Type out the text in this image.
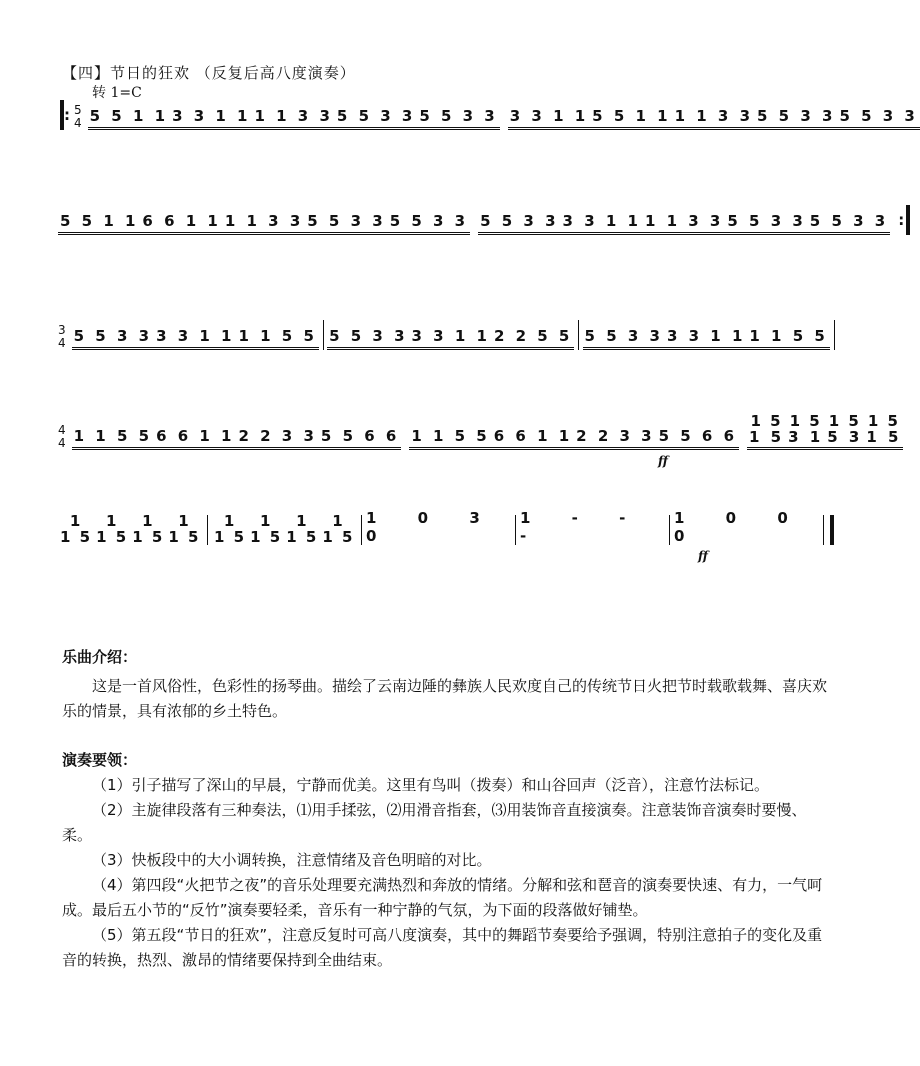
【四】节日的狂欢 （反复后高八度演奏）
转 1=C
: 5
4 5 5 1 1 3 3 1 1 1 1 3 3 5 5 3 3 5 5 3 3 3 3 1 1 5 5 1 1 1 1 3 3 5 5 3 3 5 5 3 3
5 5 1 1 6 6 1 1 1 1 3 3 5 5 3 3 5 5 3 3 5 5 3 3 3 3 1 1 1 1 3 3 5 5 3 3 5 5 3 3 :
3
4 5 5 3 3 3 3 1 1 1 1 5 5 5 5 3 3 3 3 1 1 2 2 5 5 5 5 3 3 3 3 1 1 1 1 5 5
4
4 1 1 5 5 6 6 1 1 2 2 3 3 5 5 6 6 1 1 5 5 6 6 1 1 2 2 3 3 5 5 6 6
1 5
1 5
1 5
3 1
1 5
5 3
1 5
1 5
ff
1
1 5
1
1 5
1
1 5
1
1 5
1
1 5
1
1 5
1
1 5
1
1 5
1 0 3 0
1 - - -
1 0 0 0
ff
乐曲介绍：

这是一首风俗性，色彩性的扬琴曲。描绘了云南边陲的彝族人民欢度自己的传统节日火把节时载歌载舞、喜庆欢乐的情景，具有浓郁的乡土特色。

演奏要领：

（1）引子描写了深山的早晨，宁静而优美。这里有鸟叫（拨奏）和山谷回声（泛音），注意竹法标记。

（2）主旋律段落有三种奏法，⑴用手揉弦，⑵用滑音指套，⑶用装饰音直接演奏。注意装饰音演奏时要慢、柔。

（3）快板段中的大小调转换，注意情绪及音色明暗的对比。

（4）第四段“火把节之夜”的音乐处理要充满热烈和奔放的情绪。分解和弦和琶音的演奏要快速、有力，一气呵成。最后五小节的“反竹”演奏要轻柔，音乐有一种宁静的气氛，为下面的段落做好铺垫。

（5）第五段“节日的狂欢”，注意反复时可高八度演奏，其中的舞蹈节奏要给予强调，特别注意拍子的变化及重音的转换，热烈、激昂的情绪要保持到全曲结束。
